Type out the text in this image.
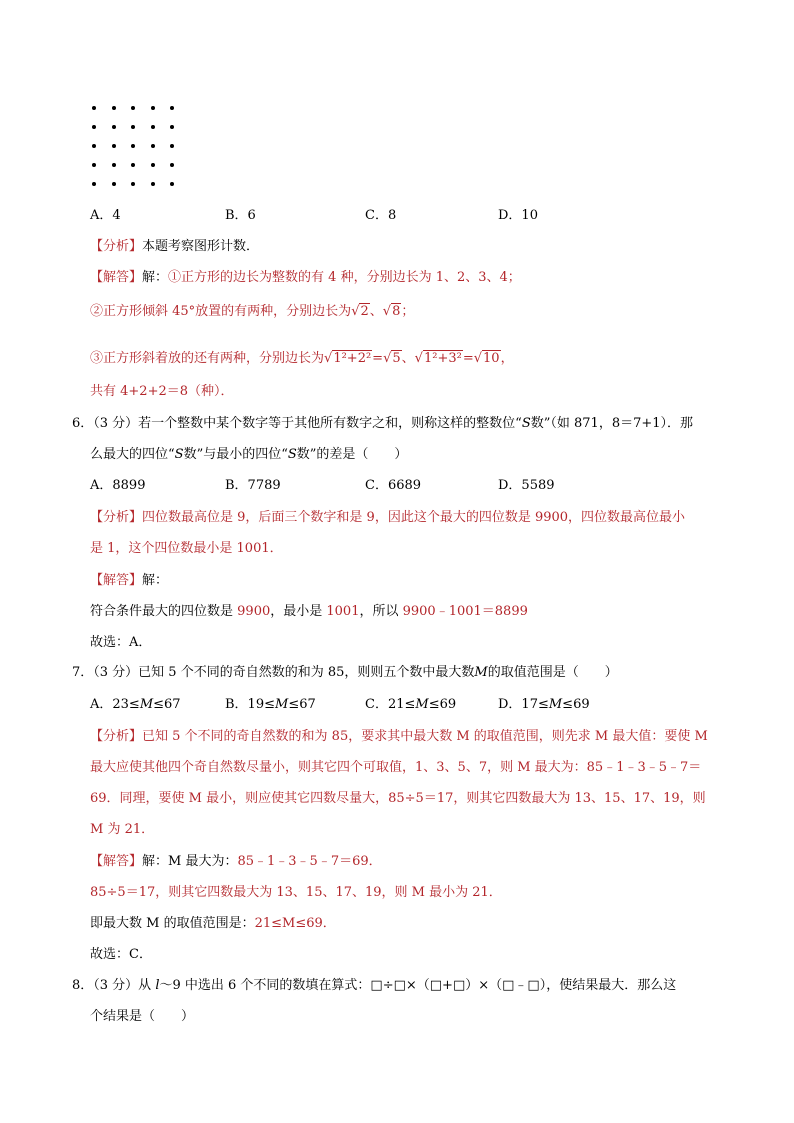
A．4	B．6	C．8	D．10
【分析】本题考察图形计数．
【解答】解：①正方形的边长为整数的有 4 种，分别边长为 1、2、3、4；
②正方形倾斜 45°放置的有两种，分别边长为√2、√8；
③正方形斜着放的还有两种，分别边长为√1²+2²=√5、√1²+3²=√10，
共有 4+2+2＝8（种）．
6．（3 分）若一个整数中某个数字等于其他所有数字之和，则称这样的整数位“S数”（如 871，8＝7+1）．那
么最大的四位“S数”与最小的四位“S数”的差是（　　）
A．8899	B．7789	C．6689	D．5589
【分析】四位数最高位是 9，后面三个数字和是 9，因此这个最大的四位数是 9900，四位数最高位最小
是 1，这个四位数最小是 1001．
【解答】解：
符合条件最大的四位数是 9900，最小是 1001，所以 9900﹣1001＝8899
故选：A．
7．（3 分）已知 5 个不同的奇自然数的和为 85，则则五个数中最大数M的取值范围是（　　）
A．23≤M≤67	B．19≤M≤67	C．21≤M≤69	D．17≤M≤69
【分析】已知 5 个不同的奇自然数的和为 85，要求其中最大数 M 的取值范围，则先求 M 最大值：要使 M
最大应使其他四个奇自然数尽量小，则其它四个可取值，1、3、5、7，则 M 最大为：85﹣1﹣3﹣5﹣7＝
69．同理，要使 M 最小，则应使其它四数尽量大，85÷5＝17，则其它四数最大为 13、15、17、19，则
M 为 21．
【解答】解：M 最大为：85﹣1﹣3﹣5﹣7＝69．
85÷5＝17，则其它四数最大为 13、15、17、19，则 M 最小为 21．
即最大数 M 的取值范围是：21≤M≤69．
故选：C．
8．（3 分）从 l～9 中选出 6 个不同的数填在算式：□÷□×（□+□）×（□﹣□），使结果最大．那么这
个结果是（　　）
